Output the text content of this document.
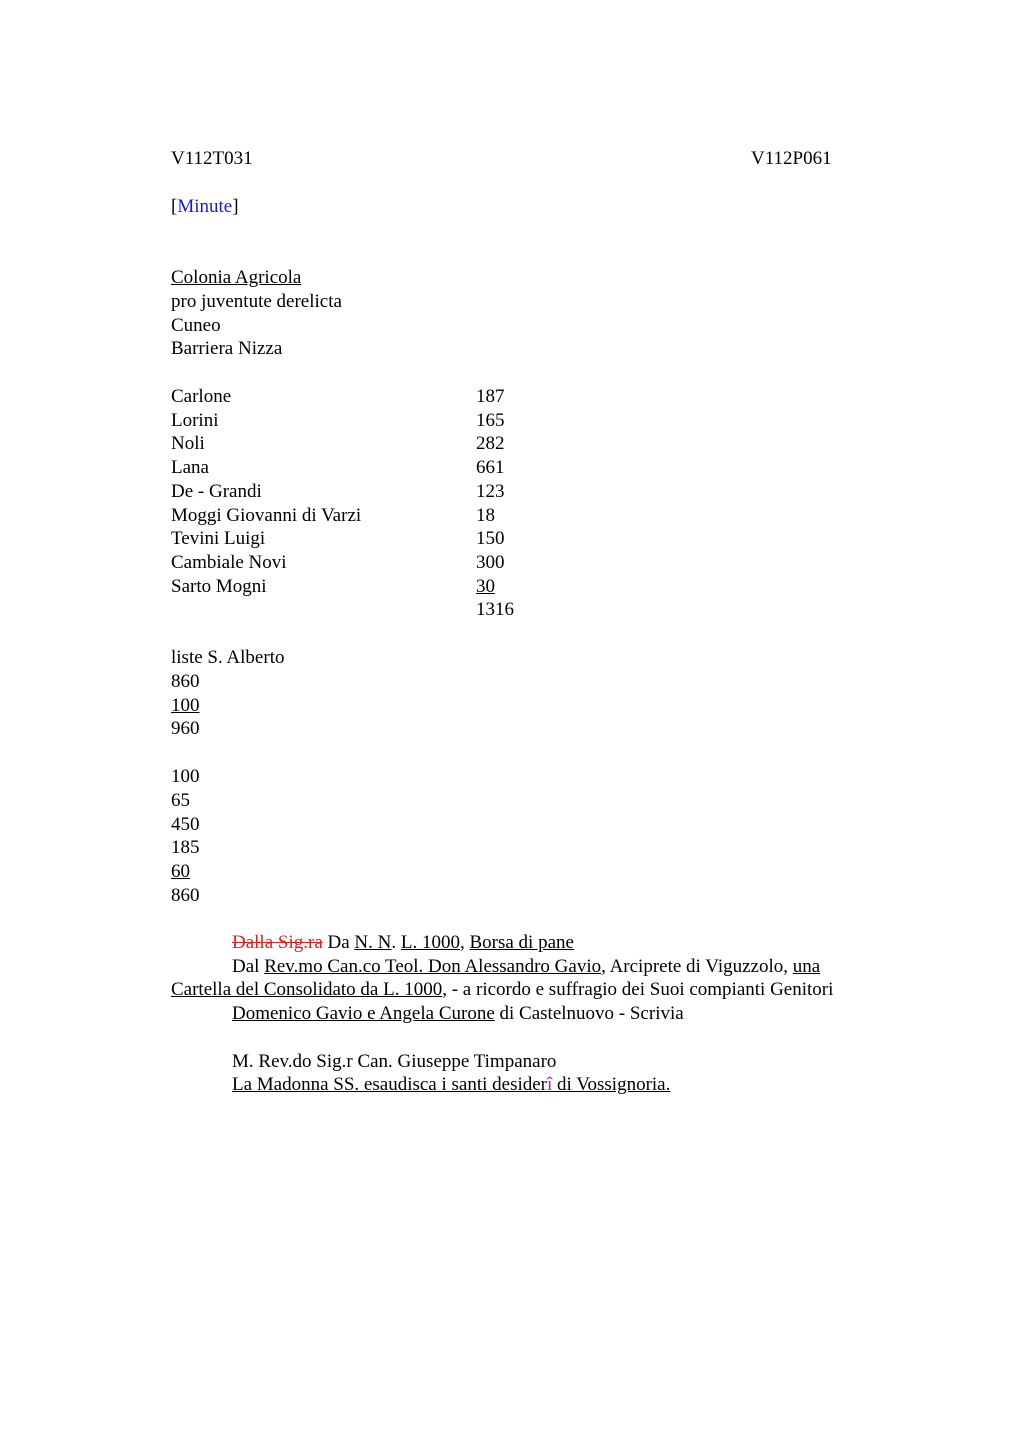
V112T031	V112P061
[Minute]
Colonia Agricola
pro juventute derelicta
Cuneo
Barriera Nizza
Carlone	187
Lorini	165
Noli	282
Lana	661
De - Grandi	123
Moggi Giovanni di Varzi	18
Tevini Luigi	150
Cambiale Novi	300
Sarto Mogni	30
1316
liste S. Alberto
860
100
960
100
65
450
185
60
860
Dalla Sig.ra Da N. N. L. 1000, Borsa di pane
Dal Rev.mo Can.co Teol. Don Alessandro Gavio, Arciprete di Viguzzolo, una
Cartella del Consolidato da L. 1000, - a ricordo e suffragio dei Suoi compianti Genitori
Domenico Gavio e Angela Curone di Castelnuovo - Scrivia
M. Rev.do Sig.r Can. Giuseppe Timpanaro
La Madonna SS. esaudisca i santi desiderî di Vossignoria.
